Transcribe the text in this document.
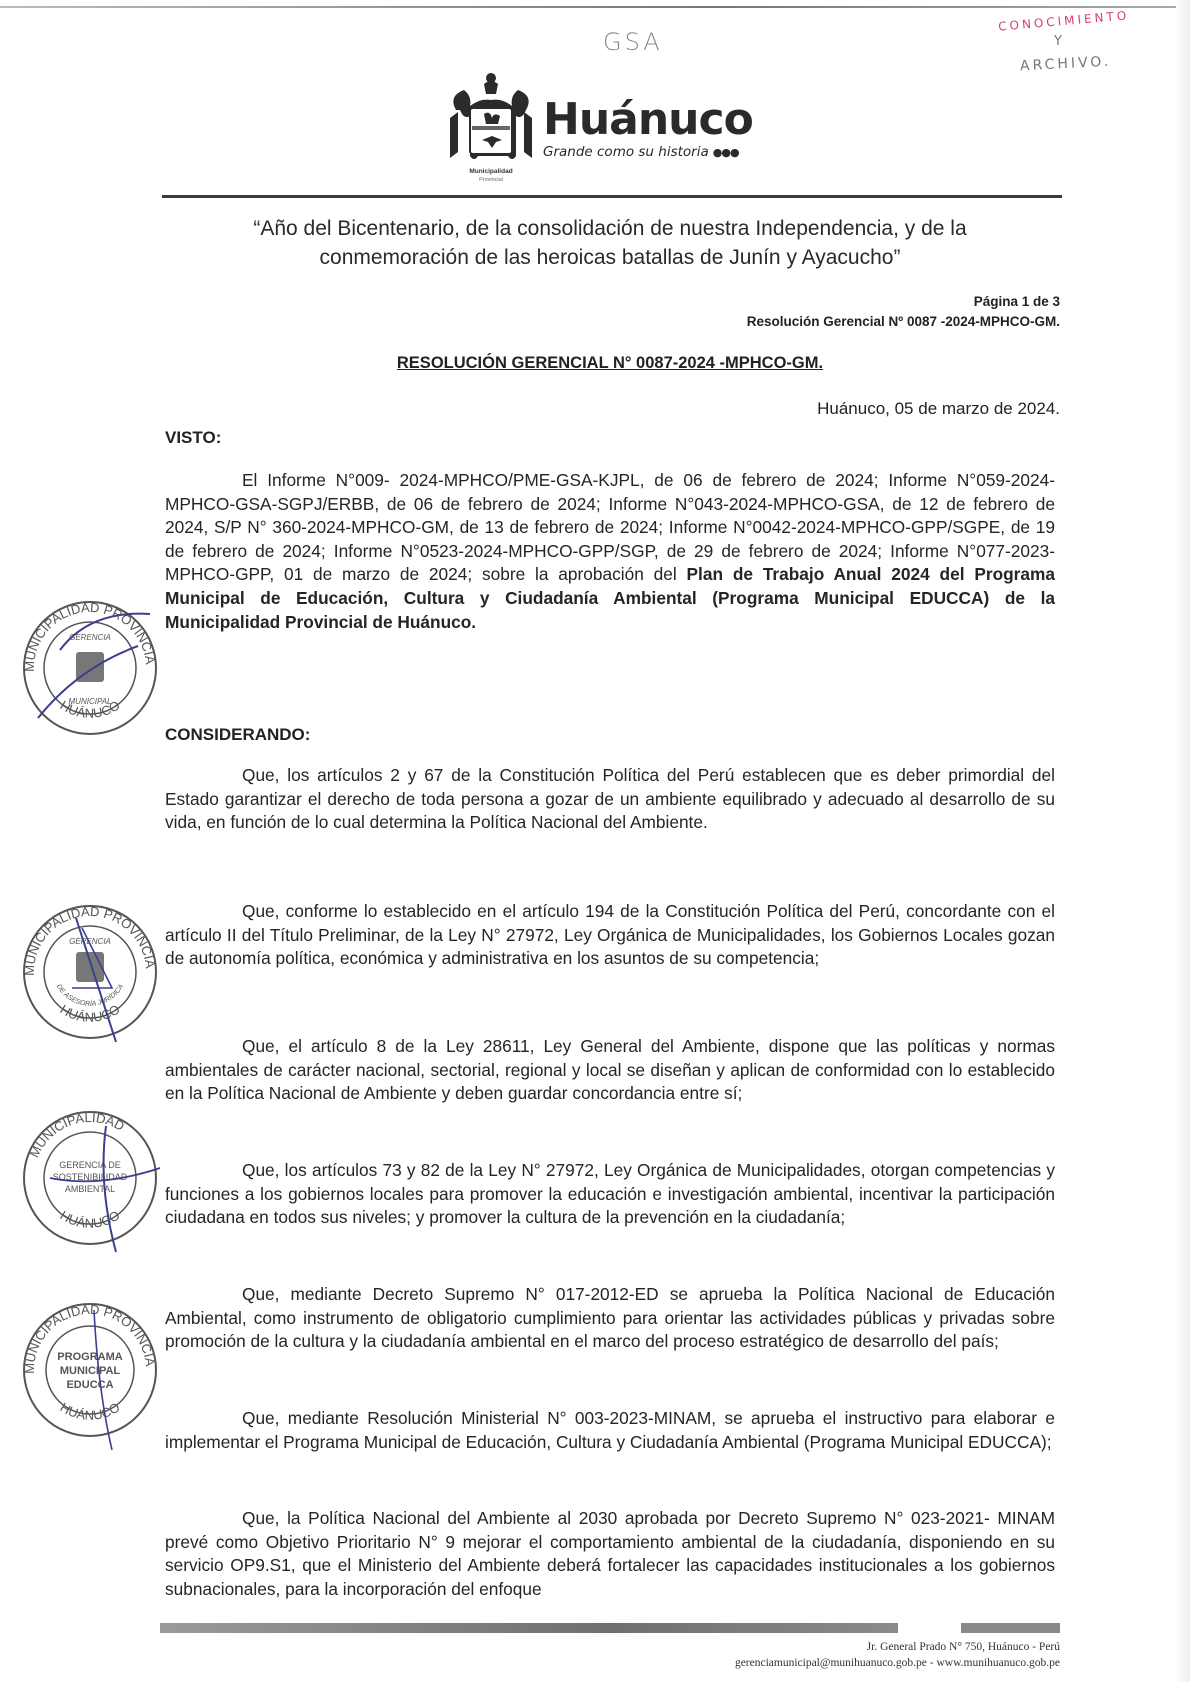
GSA
CONOCIMIENTO
Y
ARCHIVO.
Municipalidad
Provincial
Huánuco
Grande como su historia ●●●
“Año del Bicentenario, de la consolidación de nuestra Independencia, y de la
conmemoración de las heroicas batallas de Junín y Ayacucho”
Página 1 de 3
Resolución Gerencial Nº 0087 -2024-MPHCO-GM.
RESOLUCIÓN GERENCIAL N° 0087-2024 -MPHCO-GM.
Huánuco, 05 de marzo de 2024.
VISTO:
El Informe N°009- 2024-MPHCO/PME-GSA-KJPL, de 06 de febrero de 2024; Informe N°059-2024-MPHCO-GSA-SGPJ/ERBB, de 06 de febrero de 2024; Informe N°043-2024-MPHCO-GSA, de 12 de febrero de 2024, S/P N° 360-2024-MPHCO-GM, de 13 de febrero de 2024; Informe N°0042-2024-MPHCO-GPP/SGPE, de 19 de febrero de 2024; Informe N°0523-2024-MPHCO-GPP/SGP, de 29 de febrero de 2024; Informe N°077-2023-MPHCO-GPP, 01 de marzo de 2024; sobre la aprobación del Plan de Trabajo Anual 2024 del Programa Municipal de Educación, Cultura y Ciudadanía Ambiental (Programa Municipal EDUCCA) de la Municipalidad Provincial de Huánuco.
CONSIDERANDO:
Que, los artículos 2 y 67 de la Constitución Política del Perú establecen que es deber primordial del Estado garantizar el derecho de toda persona a gozar de un ambiente equilibrado y adecuado al desarrollo de su vida, en función de lo cual determina la Política Nacional del Ambiente.
Que, conforme lo establecido en el artículo 194 de la Constitución Política del Perú, concordante con el artículo II del Título Preliminar, de la Ley N° 27972, Ley Orgánica de Municipalidades, los Gobiernos Locales gozan de autonomía política, económica y administrativa en los asuntos de su competencia;
Que, el artículo 8 de la Ley 28611, Ley General del Ambiente, dispone que las políticas y normas ambientales de carácter nacional, sectorial, regional y local se diseñan y aplican de conformidad con lo establecido en la Política Nacional de Ambiente y deben guardar concordancia entre sí;
Que, los artículos 73 y 82 de la Ley N° 27972, Ley Orgánica de Municipalidades, otorgan competencias y funciones a los gobiernos locales para promover la educación e investigación ambiental, incentivar la participación ciudadana en todos sus niveles; y promover la cultura de la prevención en la ciudadanía;
Que, mediante Decreto Supremo N° 017-2012-ED se aprueba la Política Nacional de Educación Ambiental, como instrumento de obligatorio cumplimiento para orientar las actividades públicas y privadas sobre promoción de la cultura y la ciudadanía ambiental en el marco del proceso estratégico de desarrollo del país;
Que, mediante Resolución Ministerial N° 003-2023-MINAM, se aprueba el instructivo para elaborar e implementar el Programa Municipal de Educación, Cultura y Ciudadanía Ambiental (Programa Municipal EDUCCA);
Que, la Política Nacional del Ambiente al 2030 aprobada por Decreto Supremo N° 023-2021- MINAM prevé como Objetivo Prioritario N° 9 mejorar el comportamiento ambiental de la ciudadanía, disponiendo en su servicio OP9.S1, que el Ministerio del Ambiente deberá fortalecer las capacidades institucionales a los gobiernos subnacionales, para la incorporación del enfoque
MUNICIPALIDAD PROVINCIA
HUÁNUCO
GERENCIA
MUNICIPAL
MUNICIPALIDAD PROVINCIA
HUÁNUCO
GERENCIA
DE ASESORÍA JURÍDICA
MUNICIPALIDAD
HUÁNUCO
GERENCIA DE
SOSTENIBILIDAD
AMBIENTAL
MUNICIPALIDAD PROVINCIA
HUÁNUCO
PROGRAMA
MUNICIPAL
EDUCCA
Jr. General Prado N° 750, Huánuco - Perú
gerenciamunicipal@munihuanuco.gob.pe - www.munihuanuco.gob.pe
